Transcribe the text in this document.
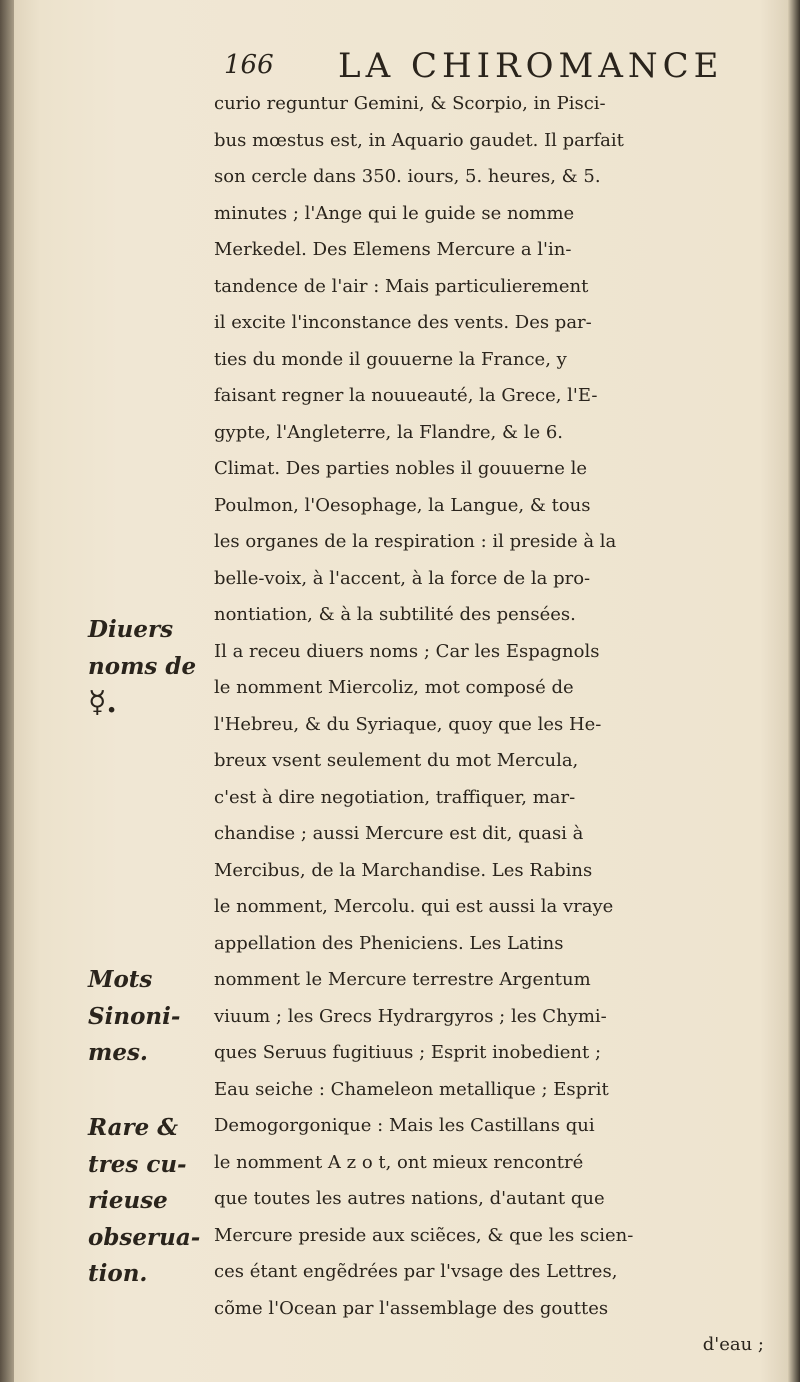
166 LA CHIROMANCE
curio reguntur Gemini, & Scorpio, in Pisci-
bus mœstus est, in Aquario gaudet. Il parfait
son cercle dans 350. iours, 5. heures, & 5.
minutes ; l'Ange qui le guide se nomme
Merkedel. Des Elemens Mercure a l'in-
tandence de l'air : Mais particulierement
il excite l'inconstance des vents. Des par-
ties du monde il gouuerne la France, y
faisant regner la nouueauté, la Grece, l'E-
gypte, l'Angleterre, la Flandre, & le 6.
Climat. Des parties nobles il gouuerne le
Poulmon, l'Oesophage, la Langue, & tous
les organes de la respiration : il preside à la
belle-voix, à l'accent, à la force de la pro-
nontiation, & à la subtilité des pensées.
Il a receu diuers noms ; Car les Espagnols
le nomment Miercoliz, mot composé de
l'Hebreu, & du Syriaque, quoy que les He-
breux vsent seulement du mot Mercula,
c'est à dire negotiation, traffiquer, mar-
chandise ; aussi Mercure est dit, quasi à
Mercibus, de la Marchandise. Les Rabins
le nomment, Mercolu. qui est aussi la vraye
appellation des Pheniciens. Les Latins
nomment le Mercure terrestre Argentum
viuum ; les Grecs Hydrargyros ; les Chymi-
ques Seruus fugitiuus ; Esprit inobedient ;
Eau seiche : Chameleon metallique ; Esprit
Demogorgonique : Mais les Castillans qui
le nomment A z o t, ont mieux rencontré
que toutes les autres nations, d'autant que
Mercure preside aux sciẽces, & que les scien-
ces étant engẽdrées par l'vsage des Lettres,
cõme l'Ocean par l'assemblage des gouttes
d'eau ;
Diuers
noms de
☿.
Mots
Sinoni-
mes.
Rare &
tres cu-
rieuse
obserua-
tion.
